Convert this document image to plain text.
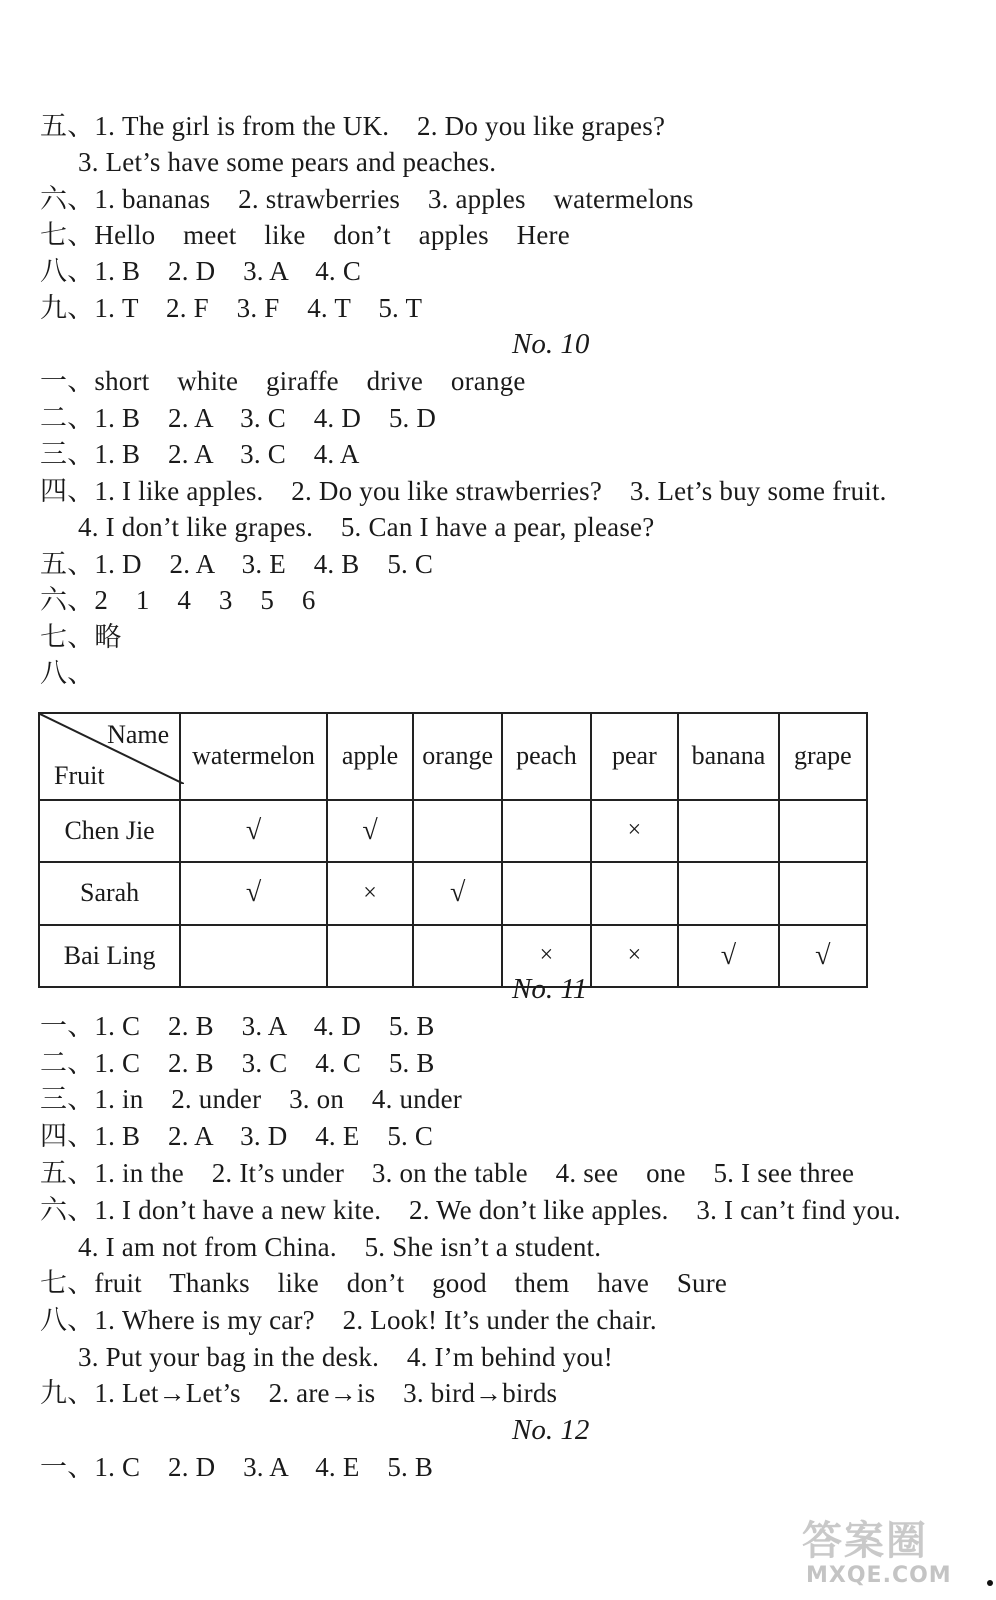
五、1. The girl is from the UK.    2. Do you like grapes?
3. Let’s have some pears and peaches.
六、1. bananas    2. strawberries    3. apples    watermelons
七、Hello    meet    like    don’t    apples    Here
八、1. B    2. D    3. A    4. C
九、1. T    2. F    3. F    4. T    5. T
No. 10
一、short    white    giraffe    drive    orange
二、1. B    2. A    3. C    4. D    5. D
三、1. B    2. A    3. C    4. A
四、1. I like apples.    2. Do you like strawberries?    3. Let’s buy some fruit.
4. I don’t like grapes.    5. Can I have a pear, please?
五、1. D    2. A    3. E    4. B    5. C
六、2    1    4    3    5    6
七、略
八、
Name
Fruit	watermelon	apple	orange	peach	pear	banana	grape
Chen Jie	√	√			×		
Sarah	√	×	√				
Bai Ling				×	×	√	√
No. 11
一、1. C    2. B    3. A    4. D    5. B
二、1. C    2. B    3. C    4. C    5. B
三、1. in    2. under    3. on    4. under
四、1. B    2. A    3. D    4. E    5. C
五、1. in the    2. It’s under    3. on the table    4. see    one    5. I see three
六、1. I don’t have a new kite.    2. We don’t like apples.    3. I can’t find you.
4. I am not from China.    5. She isn’t a student.
七、fruit    Thanks    like    don’t    good    them    have    Sure
八、1. Where is my car?    2. Look! It’s under the chair.
3. Put your bag in the desk.    4. I’m behind you!
九、1. Let→Let’s    2. are→is    3. bird→birds
No. 12
一、1. C    2. D    3. A    4. E    5. B
答案圈
MXQE.COM
